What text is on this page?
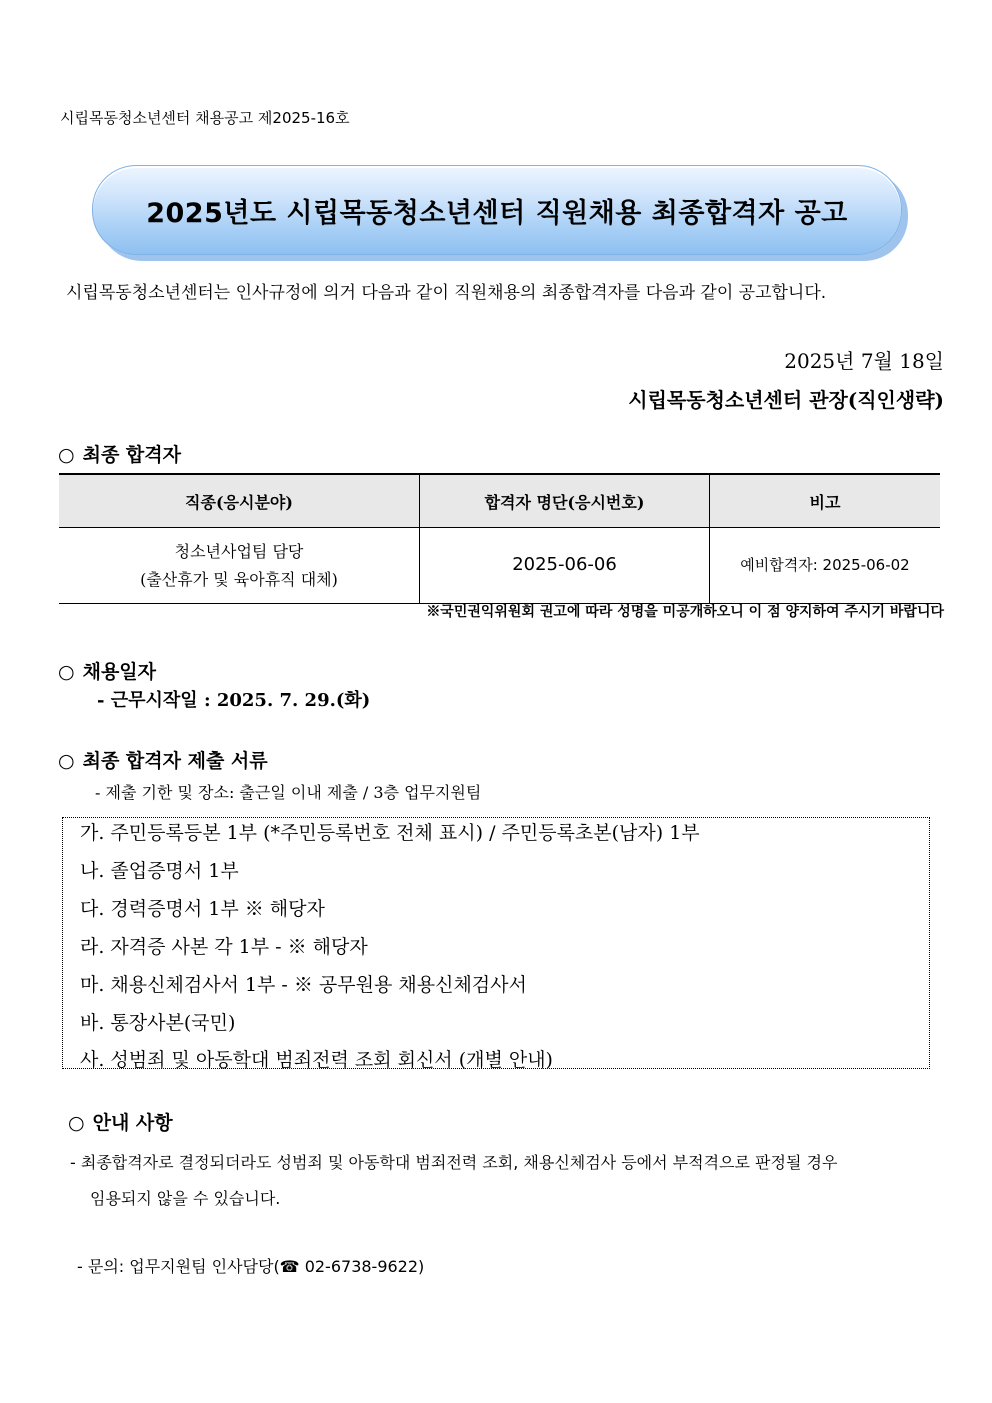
시립목동청소년센터 채용공고 제2025-16호
2025년도 시립목동청소년센터 직원채용 최종합격자 공고
시립목동청소년센터는 인사규정에 의거 다음과 같이 직원채용의 최종합격자를 다음과 같이 공고합니다.
2025년 7월 18일
시립목동청소년센터 관장(직인생략)
○ 최종 합격자
직종(응시분야)	합격자 명단(응시번호)	비고

청소년사업팀 담당
(출산휴가 및 육아휴직 대체)	2025-06-06	예비합격자: 2025-06-02
※국민권익위원회 권고에 따라 성명을 미공개하오니 이 점 양지하여 주시기 바랍니다
○ 채용일자
- 근무시작일 : 2025. 7. 29.(화)
○ 최종 합격자 제출 서류
- 제출 기한 및 장소: 출근일 이내 제출 / 3층 업무지원팀
가. 주민등록등본 1부 (*주민등록번호 전체 표시) / 주민등록초본(남자) 1부
나. 졸업증명서 1부
다. 경력증명서 1부 ※ 해당자
라. 자격증 사본 각 1부 - ※ 해당자
마. 채용신체검사서 1부 - ※ 공무원용 채용신체검사서
바. 통장사본(국민)
사. 성범죄 및 아동학대 범죄전력 조회 회신서 (개별 안내)
○ 안내 사항
- 최종합격자로 결정되더라도 성범죄 및 아동학대 범죄전력 조회, 채용신체검사 등에서 부적격으로 판정될 경우
임용되지 않을 수 있습니다.
- 문의: 업무지원팀 인사담당(☎ 02-6738-9622)
